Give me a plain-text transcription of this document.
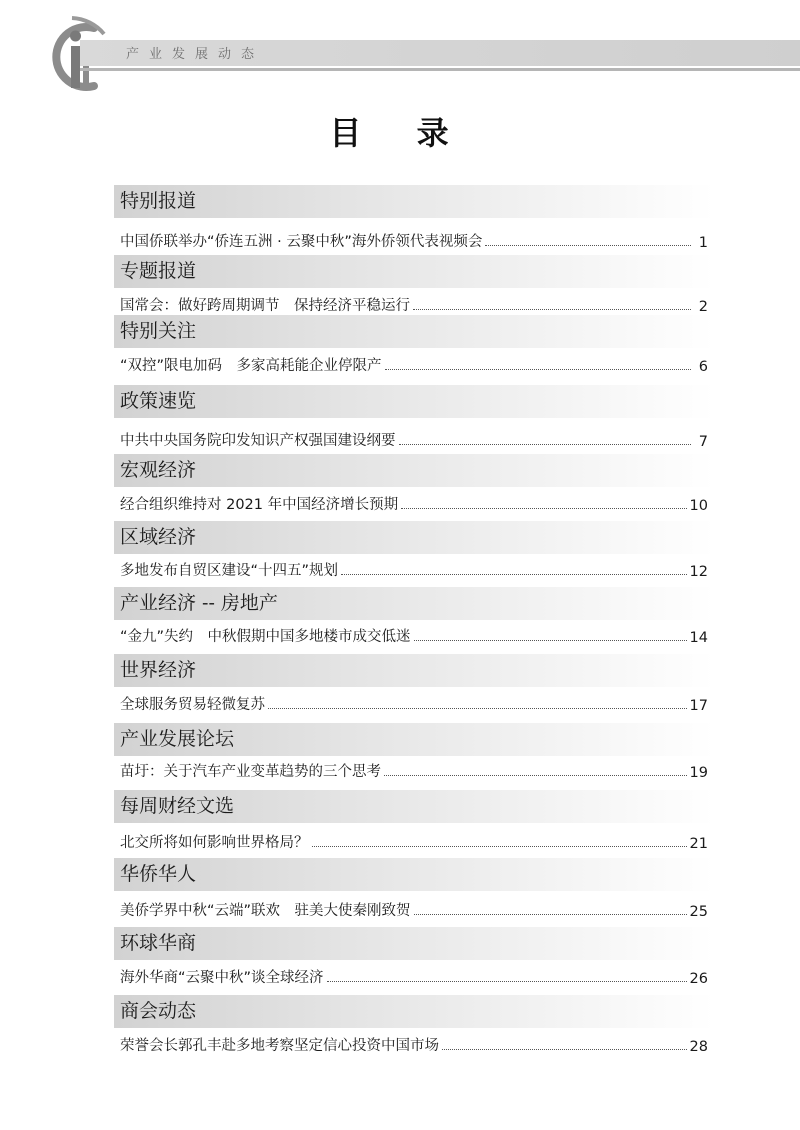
产业发展动态
目 录
特别报道
中国侨联举办“侨连五洲 · 云聚中秋”海外侨领代表视频会	1
专题报道
国常会：做好跨周期调节　保持经济平稳运行	2
特别关注
“双控”限电加码　多家高耗能企业停限产	6
政策速览
中共中央国务院印发知识产权强国建设纲要	7
宏观经济
经合组织维持对 2021 年中国经济增长预期	10
区域经济
多地发布自贸区建设“十四五”规划	12
产业经济 -- 房地产
“金九”失约　中秋假期中国多地楼市成交低迷	14
世界经济
全球服务贸易轻微复苏	17
产业发展论坛
苗圩：关于汽车产业变革趋势的三个思考	19
每周财经文选
北交所将如何影响世界格局？	21
华侨华人
美侨学界中秋“云端”联欢　驻美大使秦刚致贺	25
环球华商
海外华商“云聚中秋”谈全球经济	26
商会动态
荣誉会长郭孔丰赴多地考察坚定信心投资中国市场	28
